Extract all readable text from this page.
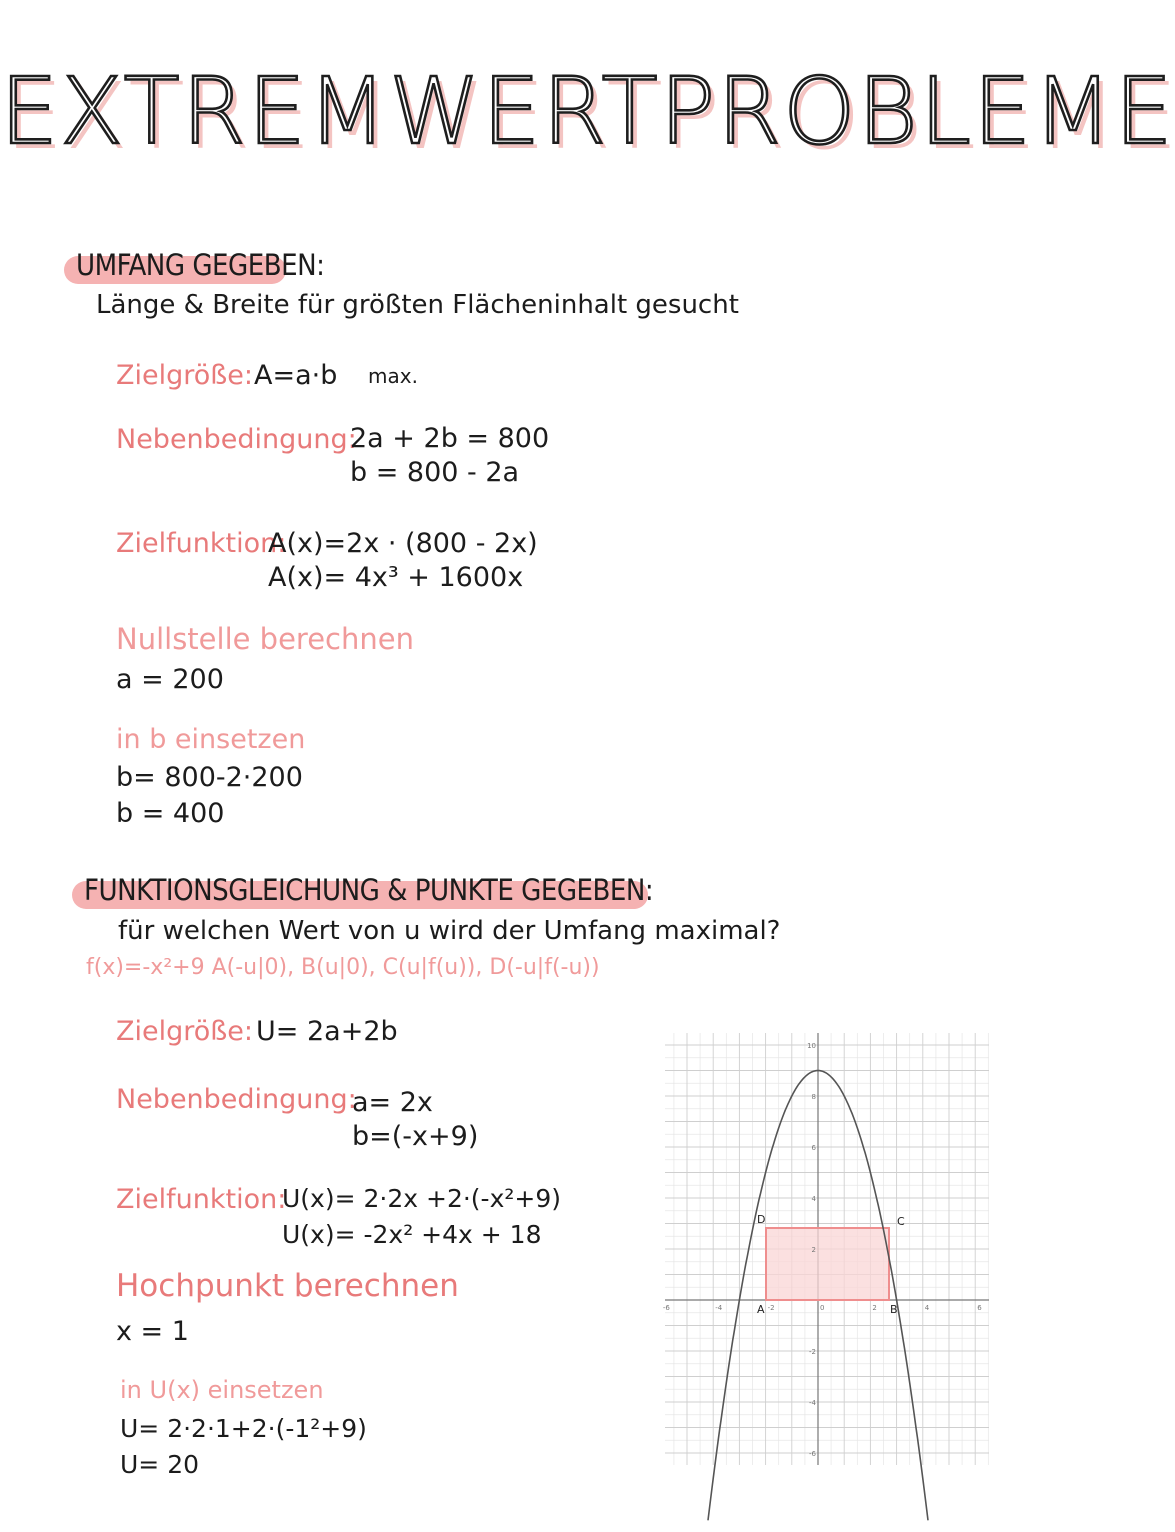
EXTREMWERTPROBLEME
UMFANG GEGEBEN:
Länge & Breite für größten Flächeninhalt gesucht
Zielgröße: A=a·b max.
Nebenbedingung:
2a + 2b = 800
b = 800 - 2a
Zielfunktion:
A(x)=2x · (800 - 2x)
A(x)= 4x³ + 1600x
Nullstelle berechnen
a = 200
in b einsetzen
b= 800-2·200
b = 400
FUNKTIONSGLEICHUNG & PUNKTE GEGEBEN:
für welchen Wert von u wird der Umfang maximal?
f(x)=-x²+9 A(-u|0), B(u|0), C(u|f(u)), D(-u|f(-u))
Zielgröße: U= 2a+2b
Nebenbedingung:
a= 2x
b=(-x+9)
Zielfunktion:
U(x)= 2·2x +2·(-x²+9)
U(x)= -2x² +4x + 18
Hochpunkt berechnen
x = 1
in U(x) einsetzen
U= 2·2·1+2·(-1²+9)
U= 20
-6	-4	-2	0	2	4	6
10
8
6
4
2
-2
-4
-6
A	B
C
D
